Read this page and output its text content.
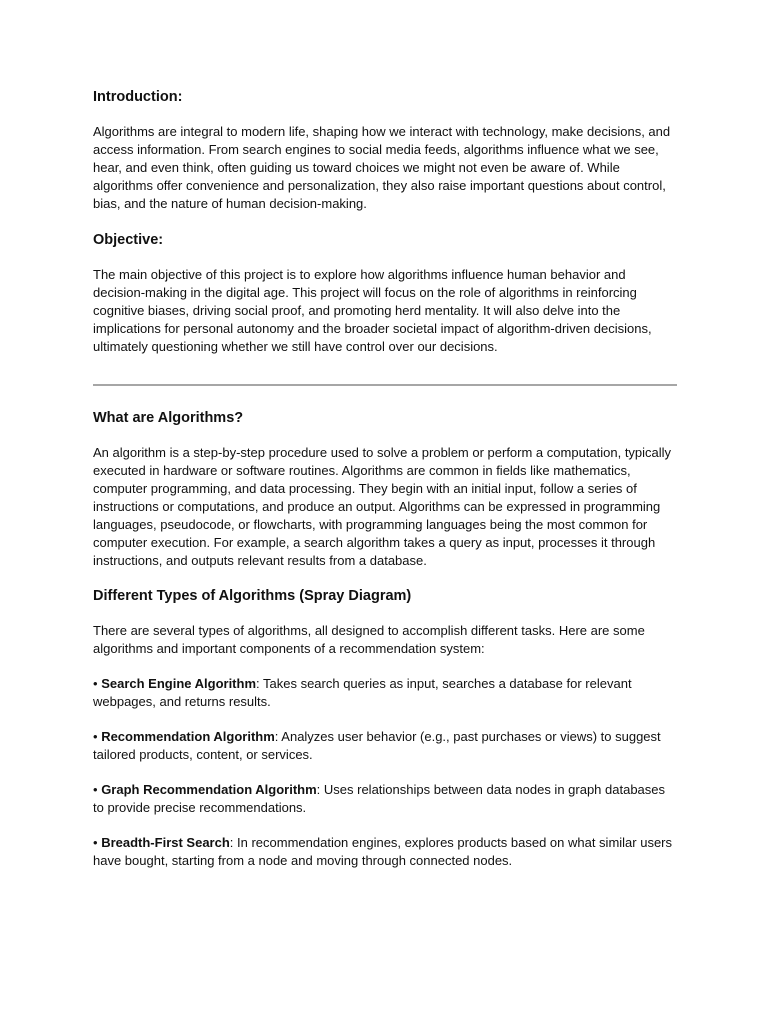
Introduction:

Algorithms are integral to modern life, shaping how we interact with technology, make decisions, and access information. From search engines to social media feeds, algorithms influence what we see, hear, and even think, often guiding us toward choices we might not even be aware of. While algorithms offer convenience and personalization, they also raise important questions about control, bias, and the nature of human decision-making.

Objective:

The main objective of this project is to explore how algorithms influence human behavior and decision-making in the digital age. This project will focus on the role of algorithms in reinforcing cognitive biases, driving social proof, and promoting herd mentality. It will also delve into the implications for personal autonomy and the broader societal impact of algorithm-driven decisions, ultimately questioning whether we still have control over our decisions.

What are Algorithms?

An algorithm is a step-by-step procedure used to solve a problem or perform a computation, typically executed in hardware or software routines. Algorithms are common in fields like mathematics, computer programming, and data processing. They begin with an initial input, follow a series of instructions or computations, and produce an output. Algorithms can be expressed in programming languages, pseudocode, or flowcharts, with programming languages being the most common for computer execution. For example, a search algorithm takes a query as input, processes it through instructions, and outputs relevant results from a database.

Different Types of Algorithms (Spray Diagram)

There are several types of algorithms, all designed to accomplish different tasks. Here are some algorithms and important components of a recommendation system:

• Search Engine Algorithm: Takes search queries as input, searches a database for relevant webpages, and returns results.

• Recommendation Algorithm: Analyzes user behavior (e.g., past purchases or views) to suggest tailored products, content, or services.

• Graph Recommendation Algorithm: Uses relationships between data nodes in graph databases to provide precise recommendations.

• Breadth-First Search: In recommendation engines, explores products based on what similar users have bought, starting from a node and moving through connected nodes.
